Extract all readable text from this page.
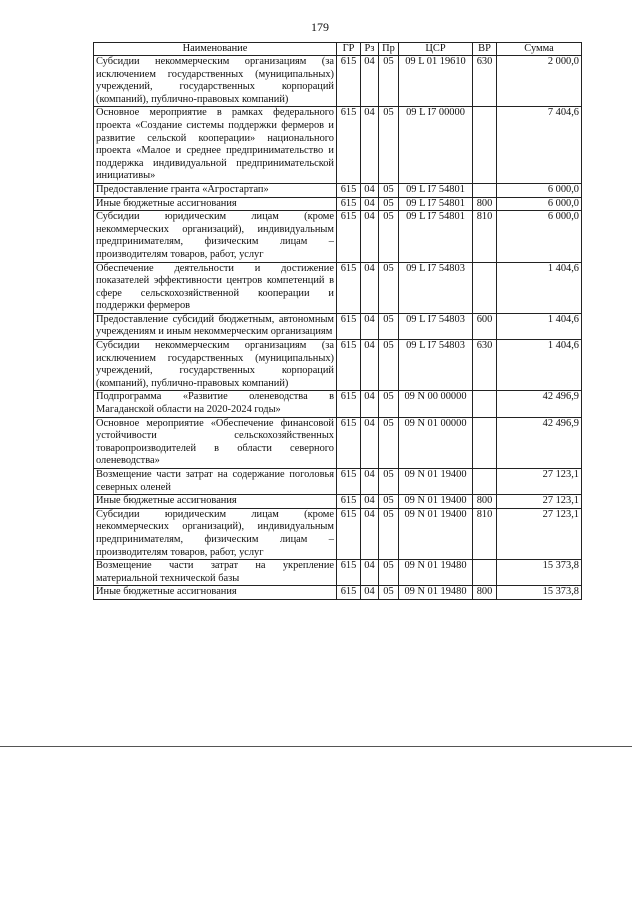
179
Наименование	ГР	Рз	Пр	ЦСР	ВР	Сумма
Субсидии некоммерческим организациям (за исключением государственных (муниципальных) учреждений, государственных корпораций (компаний), публично-правовых компаний)	615	04	05	09 L 01 19610	630	2 000,0
Основное мероприятие в рамках федерального проекта «Создание системы поддержки фермеров и развитие сельской кооперации» национального проекта «Малое и среднее предпринимательство и поддержка индивидуальной предпринимательской инициативы»	615	04	05	09 L I7 00000		7 404,6
Предоставление гранта «Агростартап»	615	04	05	09 L I7 54801		6 000,0
Иные бюджетные ассигнования	615	04	05	09 L I7 54801	800	6 000,0
Субсидии юридическим лицам (кроме некоммерческих организаций), индивидуальным предпринимателям, физическим лицам – производителям товаров, работ, услуг	615	04	05	09 L I7 54801	810	6 000,0
Обеспечение деятельности и достижение показателей эффективности центров компетенций в сфере сельскохозяйственной кооперации и поддержки фермеров	615	04	05	09 L I7 54803		1 404,6
Предоставление субсидий бюджетным, автономным учреждениям и иным некоммерческим организациям	615	04	05	09 L I7 54803	600	1 404,6
Субсидии некоммерческим организациям (за исключением государственных (муниципальных) учреждений, государственных корпораций (компаний), публично-правовых компаний)	615	04	05	09 L I7 54803	630	1 404,6
Подпрограмма «Развитие оленеводства в Магаданской области на 2020-2024 годы»	615	04	05	09 N 00 00000		42 496,9
Основное мероприятие «Обеспечение финансовой устойчивости сельскохозяйственных товаропроизводителей в области северного оленеводства»	615	04	05	09 N 01 00000		42 496,9
Возмещение части затрат на содержание поголовья северных оленей	615	04	05	09 N 01 19400		27 123,1
Иные бюджетные ассигнования	615	04	05	09 N 01 19400	800	27 123,1
Субсидии юридическим лицам (кроме некоммерческих организаций), индивидуальным предпринимателям, физическим лицам – производителям товаров, работ, услуг	615	04	05	09 N 01 19400	810	27 123,1
Возмещение части затрат на укрепление материальной технической базы	615	04	05	09 N 01 19480		15 373,8
Иные бюджетные ассигнования	615	04	05	09 N 01 19480	800	15 373,8
